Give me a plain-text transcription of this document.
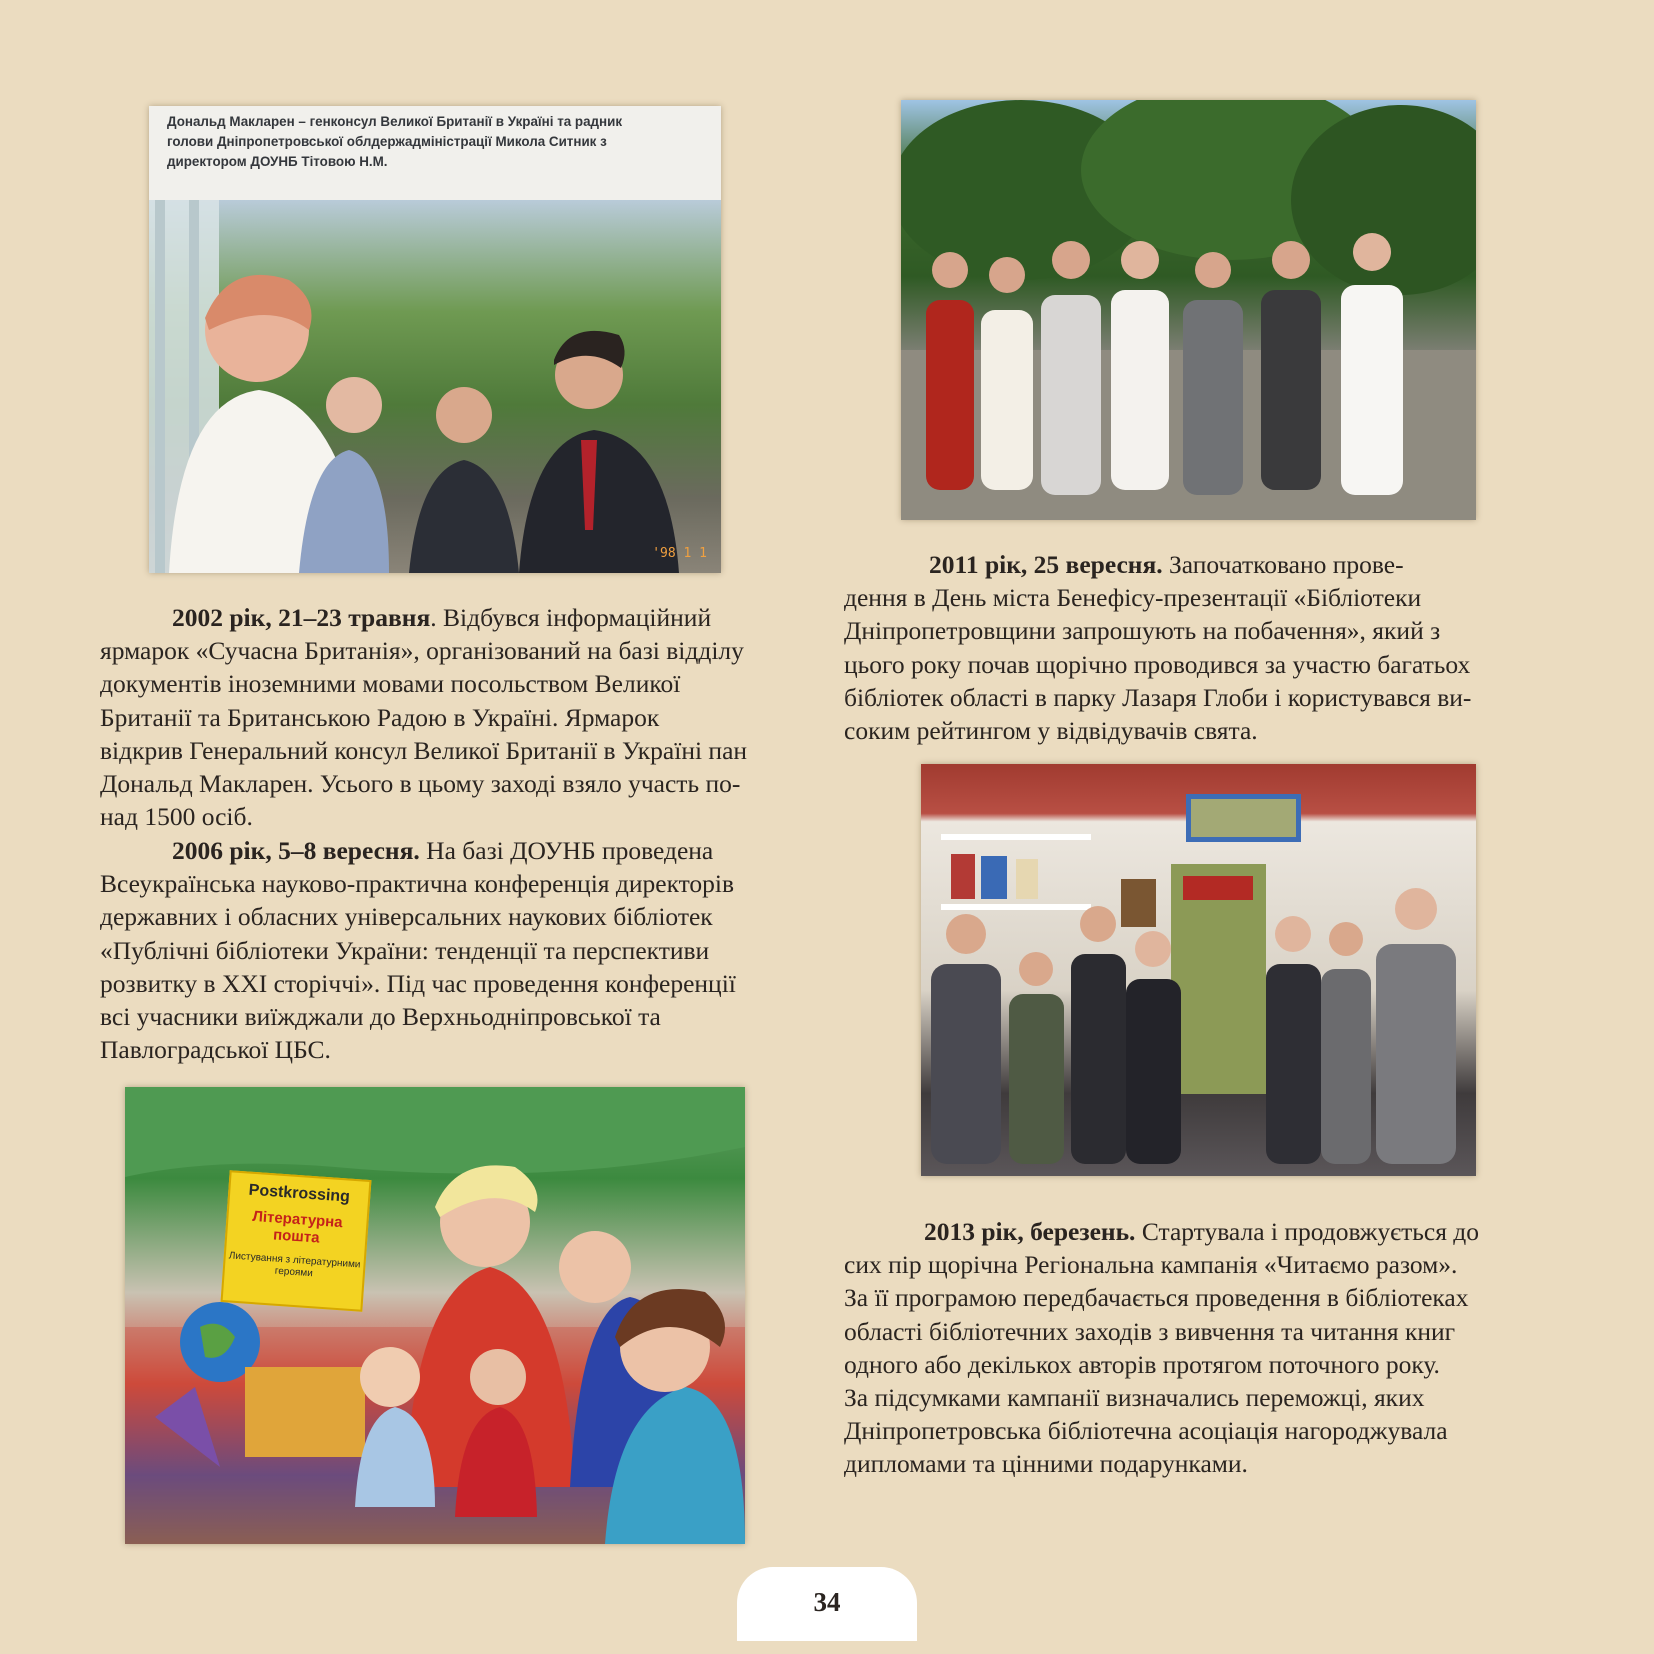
Дональд Макларен – генконсул Великої Британії в Україні та радник
голови Дніпропетровської облдержадміністрації Микола Ситник з
директором ДОУНБ Тітовою Н.М.
'98 1 1
Postkrossing
Літературна пошта
Листування з літературними героями

2002 рік, 21–23 травня. Відбувся інформаційний
ярмарок «Сучасна Британія», організований на базі відділу
документів іноземними мовами посольством Великої
Британії та Британською Радою в Україні. Ярмарок
відкрив Генеральний консул Великої Британії в Україні пан
Дональд Макларен. Усього в цьому заході взяло участь по-
над 1500 осіб.

2006 рік, 5–8 вересня. На базі ДОУНБ проведена
Всеукраїнська науково-практична конференція директорів
державних і обласних універсальних наукових бібліотек
«Публічні бібліотеки України: тенденції та перспективи
розвитку в ХХІ сторіччі». Під час проведення конференції
всі учасники виїжджали до Верхньодніпровської та
Павлоградської ЦБС.

2011 рік, 25 вересня. Започатковано прове-
дення в День міста Бенефісу-презентації «Бібліотеки
Дніпропетровщини запрошують на побачення», який з
цього року почав щорічно проводився за участю багатьох
бібліотек області в парку Лазаря Глоби і користувався ви-
соким рейтингом у відвідувачів свята.

2013 рік, березень. Стартувала і продовжується до
сих пір щорічна Регіональна кампанія «Читаємо разом».
За її програмою передбачається проведення в бібліотеках
області бібліотечних заходів з вивчення та читання книг
одного або декількох авторів протягом поточного року.
За підсумками кампанії визначались переможці, яких
Дніпропетровська бібліотечна асоціація нагороджувала
дипломами та цінними подарунками.

34
